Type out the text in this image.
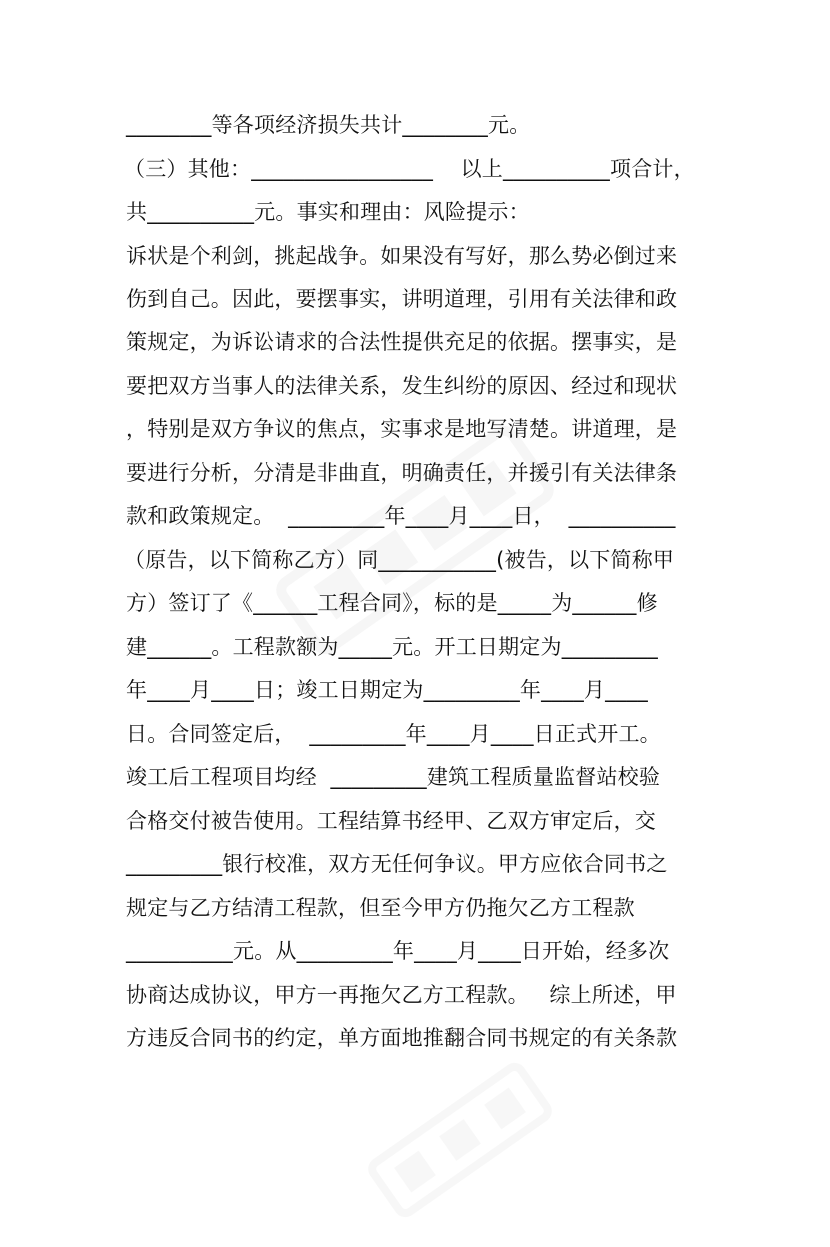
________等各项经济损失共计________元。
（三）其他：_________________    以上__________项合计，
共__________元。事实和理由：风险提示：
诉状是个利剑，挑起战争。如果没有写好，那么势必倒过来
伤到自己。因此，要摆事实，讲明道理，引用有关法律和政
策规定，为诉讼请求的合法性提供充足的依据。摆事实，是
要把双方当事人的法律关系，发生纠纷的原因、经过和现状
，特别是双方争议的焦点，实事求是地写清楚。讲道理，是
要进行分析，分清是非曲直，明确责任，并援引有关法律条
款和政策规定。  _________年____月____日，  __________
（原告，以下简称乙方）同___________(被告，以下简称甲
方）签订了《______工程合同》，标的是_____为______修
建______。工程款额为_____元。开工日期定为_________
年____月____日；竣工日期定为_________年____月____
日。合同签定后，  _________年____月____日正式开工。
竣工后工程项目均经  _________建筑工程质量监督站校验
合格交付被告使用。工程结算书经甲、乙双方审定后，交
_________银行校准，双方无任何争议。甲方应依合同书之
规定与乙方结清工程款，但至今甲方仍拖欠乙方工程款
__________元。从_________年____月____日开始，经多次
协商达成协议，甲方一再拖欠乙方工程款。   综上所述，甲
方违反合同书的约定，单方面地推翻合同书规定的有关条款
